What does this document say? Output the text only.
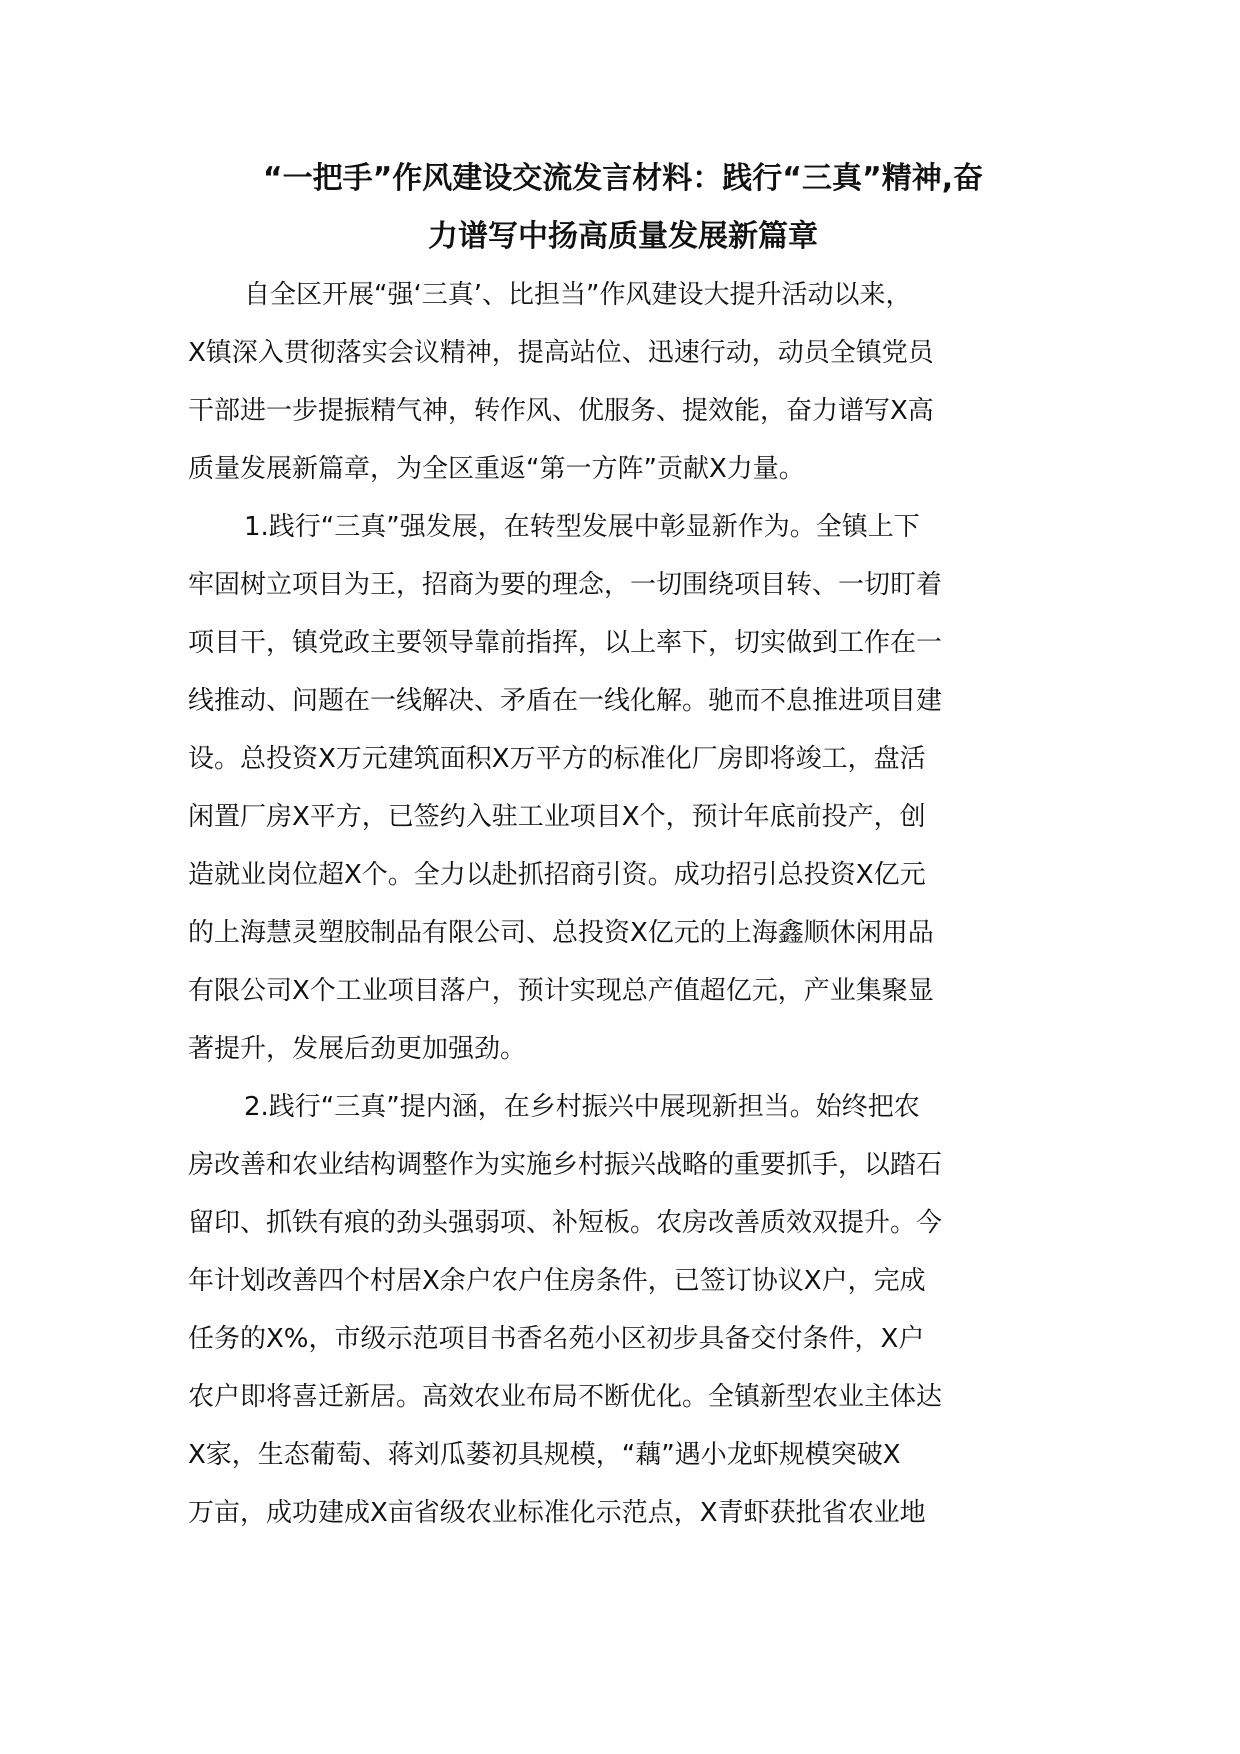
“一把手”作风建设交流发言材料：践行“三真”精神,奋
力谱写中扬高质量发展新篇章
自全区开展“强‘三真’、比担当”作风建设大提升活动以来，
X镇深入贯彻落实会议精神，提高站位、迅速行动，动员全镇党员
干部进一步提振精气神，转作风、优服务、提效能，奋力谱写X高
质量发展新篇章，为全区重返“第一方阵”贡献X力量。
1.践行“三真”强发展，在转型发展中彰显新作为。全镇上下
牢固树立项目为王，招商为要的理念，一切围绕项目转、一切盯着
项目干，镇党政主要领导靠前指挥，以上率下，切实做到工作在一
线推动、问题在一线解决、矛盾在一线化解。驰而不息推进项目建
设。总投资X万元建筑面积X万平方的标准化厂房即将竣工，盘活
闲置厂房X平方，已签约入驻工业项目X个，预计年底前投产，创
造就业岗位超X个。全力以赴抓招商引资。成功招引总投资X亿元
的上海慧灵塑胶制品有限公司、总投资X亿元的上海鑫顺休闲用品
有限公司X个工业项目落户，预计实现总产值超亿元，产业集聚显
著提升，发展后劲更加强劲。
2.践行“三真”提内涵，在乡村振兴中展现新担当。始终把农
房改善和农业结构调整作为实施乡村振兴战略的重要抓手，以踏石
留印、抓铁有痕的劲头强弱项、补短板。农房改善质效双提升。今
年计划改善四个村居X余户农户住房条件，已签订协议X户，完成
任务的X%，市级示范项目书香名苑小区初步具备交付条件，X户
农户即将喜迁新居。高效农业布局不断优化。全镇新型农业主体达
X家，生态葡萄、蒋刘瓜蒌初具规模，“藕”遇小龙虾规模突破X
万亩，成功建成X亩省级农业标准化示范点，X青虾获批省农业地
